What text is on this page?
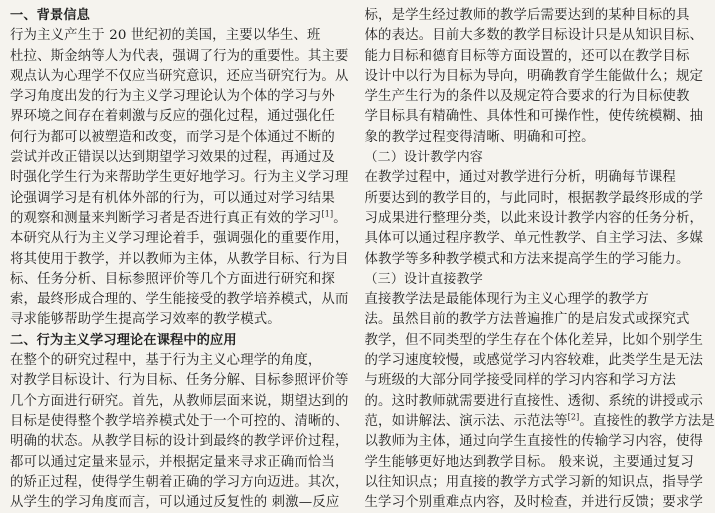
一、背景信息
行为主义产生于 20 世纪初的美国，主要以华生、班
杜拉、斯金纳等人为代表，强调了行为的重要性。其主要
观点认为心理学不仅应当研究意识，还应当研究行为。从
学习角度出发的行为主义学习理论认为个体的学习与外
界环境之间存在着刺激与反应的强化过程，通过强化任
何行为都可以被塑造和改变，而学习是个体通过不断的
尝试并改正错误以达到期望学习效果的过程，再通过及
时强化学生行为来帮助学生更好地学习。行为主义学习理
论强调学习是有机体外部的行为，可以通过对学习结果
的观察和测量来判断学习者是否进行真正有效的学习[1]。
本研究从行为主义学习理论着手，强调强化的重要作用，
将其使用于教学，并以教师为主体，从教学目标、行为目
标、任务分析、目标参照评价等几个方面进行研究和探
索，最终形成合理的、学生能接受的教学培养模式，从而
寻求能够帮助学生提高学习效率的教学模式。
二、行为主义学习理论在课程中的应用
在整个的研究过程中，基于行为主义心理学的角度，
对教学目标设计、行为目标、任务分解、目标参照评价等
几个方面进行研究。首先，从教师层面来说，期望达到的
目标是使得整个教学培养模式处于一个可控的、清晰的、
明确的状态。从教学目标的设计到最终的教学评价过程，
都可以通过定量来显示，并根据定量来寻求正确而恰当
的矫正过程，使得学生朝着正确的学习方向迈进。其次，
从学生的学习角度而言，可以通过反复性的 刺激—反应
标，是学生经过教师的教学后需要达到的某种目标的具
体的表达。目前大多数的教学目标设计只是从知识目标、
能力目标和德育目标等方面设置的，还可以在教学目标
设计中以行为目标为导向，明确教育学生能做什么；规定
学生产生行为的条件以及规定符合要求的行为目标使教
学目标具有精确性、具体性和可操作性，使传统模糊、抽
象的教学过程变得清晰、明确和可控。
（二）设计教学内容
在教学过程中，通过对教学进行分析，明确每节课程
所要达到的教学目的，与此同时，根据教学最终形成的学
习成果进行整理分类，以此来设计教学内容的任务分析，
具体可以通过程序教学、单元性教学、自主学习法、多媒
体教学等多种教学模式和方法来提高学生的学习能力。
（三）设计直接教学
直接教学法是最能体现行为主义心理学的教学方
法。虽然目前的教学方法普遍推广的是启发式或探究式
教学，但不同类型的学生存在个体化差异，比如个别学生
的学习速度较慢，或感觉学习内容较难，此类学生是无法
与班级的大部分同学接受同样的学习内容和学习方法
的。这时教师就需要进行直接性、透彻、系统的讲授或示
范，如讲解法、演示法、示范法等[2]。直接性的教学方法是
以教师为主体，通过向学生直接性的传输学习内容，使得
学生能够更好地达到教学目标。 般来说，主要通过复习
以往知识点；用直接的教学方式学习新的知识点，指导学
生学习个别重难点内容，及时检查，并进行反馈；要求学
